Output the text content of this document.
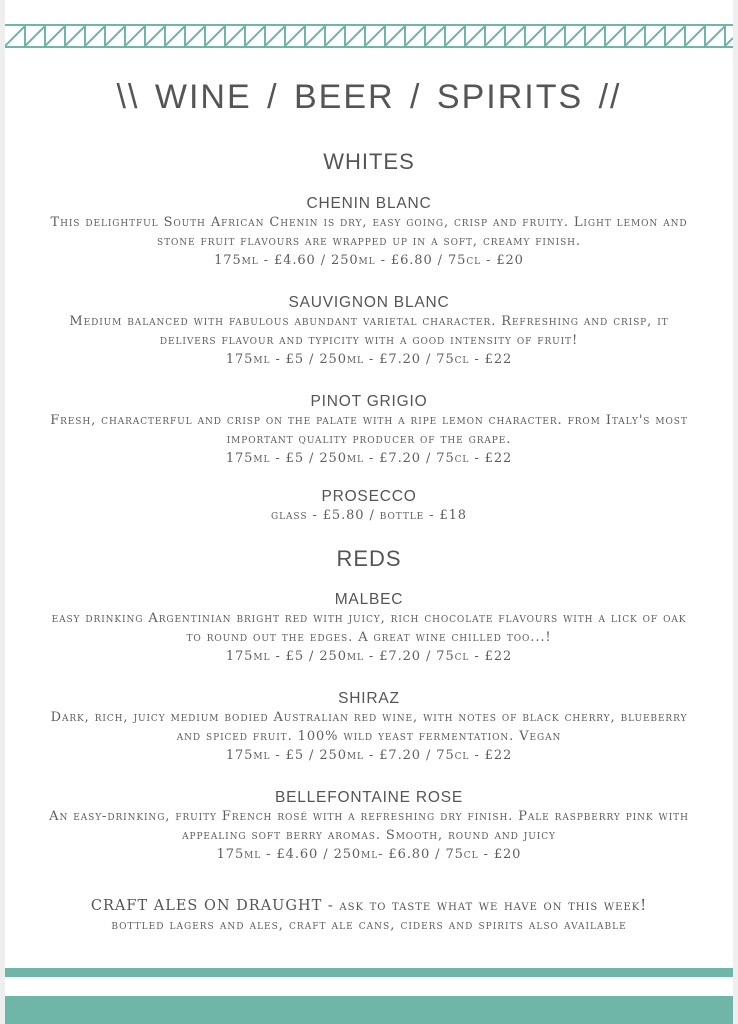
\\ WINE / BEER / SPIRITS //
WHITES
CHENIN BLANC
This delightful South African Chenin is dry, easy going, crisp and fruity. Light lemon and stone fruit flavours are wrapped up in a soft, creamy finish.
175ml - £4.60 / 250ml - £6.80 / 75cl - £20
SAUVIGNON BLANC
Medium balanced with fabulous abundant varietal character. Refreshing and crisp, it delivers flavour and typicity with a good intensity of fruit!
175ml - £5 / 250ml - £7.20 / 75cl - £22
PINOT GRIGIO
Fresh, characterful and crisp on the palate with a ripe lemon character. from Italy's most important quality producer of the grape.
175ml - £5 / 250ml - £7.20 / 75cl - £22
PROSECCO
glass - £5.80 / bottle - £18
REDS
MALBEC
easy drinking Argentinian bright red with juicy, rich chocolate flavours with a lick of oak to round out the edges. A great wine chilled too...!
175ml - £5 / 250ml - £7.20 / 75cl - £22
SHIRAZ
Dark, rich, juicy medium bodied Australian red wine, with notes of black cherry, blueberry and spiced fruit. 100% wild yeast fermentation. Vegan
175ml - £5 / 250ml - £7.20 / 75cl - £22
BELLEFONTAINE ROSE
An easy-drinking, fruity French rosé with a refreshing dry finish. Pale raspberry pink with appealing soft berry aromas. Smooth, round and juicy
175ml - £4.60 / 250ml- £6.80 / 75cl - £20
CRAFT ALES ON DRAUGHT - ask to taste what we have on this week!
bottled lagers and ales, craft ale cans, ciders and spirits also available
